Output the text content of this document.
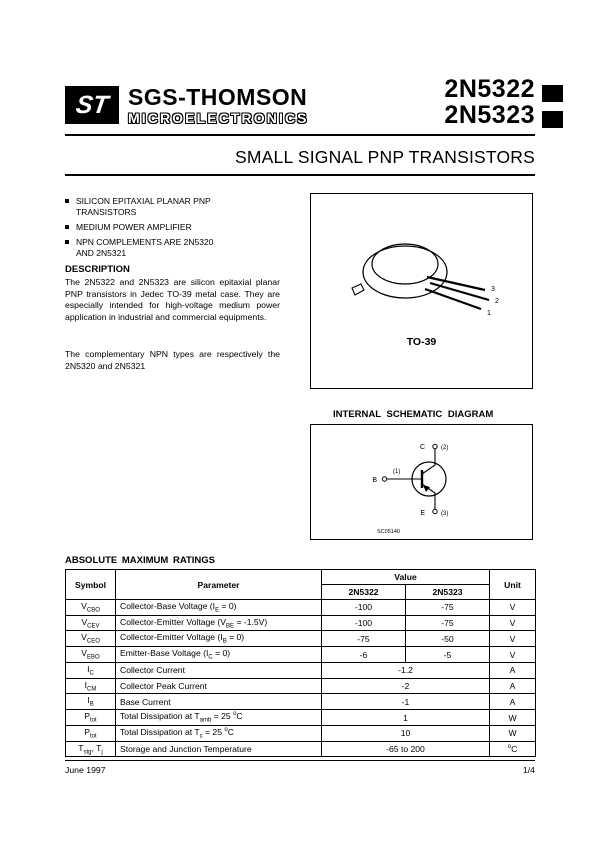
ST SGS-THOMSON
MICROELECTRONICS
2N5322
2N5323
SMALL SIGNAL PNP TRANSISTORS
SILICON EPITAXIAL PLANAR PNP TRANSISTORS
MEDIUM POWER AMPLIFIER
NPN COMPLEMENTS ARE 2N5320 AND 2N5321
DESCRIPTION
The 2N5322 and 2N5323 are silicon epitaxial planar PNP transistors in Jedec TO-39 metal case. They are especially intended for high-voltage medium power application in industrial and commercial equipments.
The complementary NPN types are respectively the 2N5320 and 2N5321
3
2
1
TO-39
INTERNAL SCHEMATIC DIAGRAM
C	(2)
(1)
B
E	(3)
SC05140
ABSOLUTE MAXIMUM RATINGS
Symbol	Parameter	Value		Unit
		2N5322	2N5323	
$V_{CBO}$	Collector-Base Voltage $(I_E = 0)$	-100	-75	V
$V_{CEV}$	Collector-Emitter Voltage $(V_{BE} = -1.5V)$	-100	-75	V
$V_{CEO}$	Collector-Emitter Voltage $(I_B = 0)$	-75	-50	V
$V_{EBO}$	Emitter-Base Voltage $(I_C = 0)$	-6	-5	V
$I_C$	Collector Current	-1.2		A
$I_{CM}$	Collector Peak Current	-2		A
$I_B$	Base Current	-1		A
$P_{tot}$	Total Dissipation at $T_{amb} = 25$ $^o$C	1		W
$P_{tot}$	Total Dissipation at $T_c = 25$ $^o$C	10		W
$T_{stg}$, $T_j$	Storage and Junction Temperature	-65 to 200		$^o$C
June 1997	1/4
